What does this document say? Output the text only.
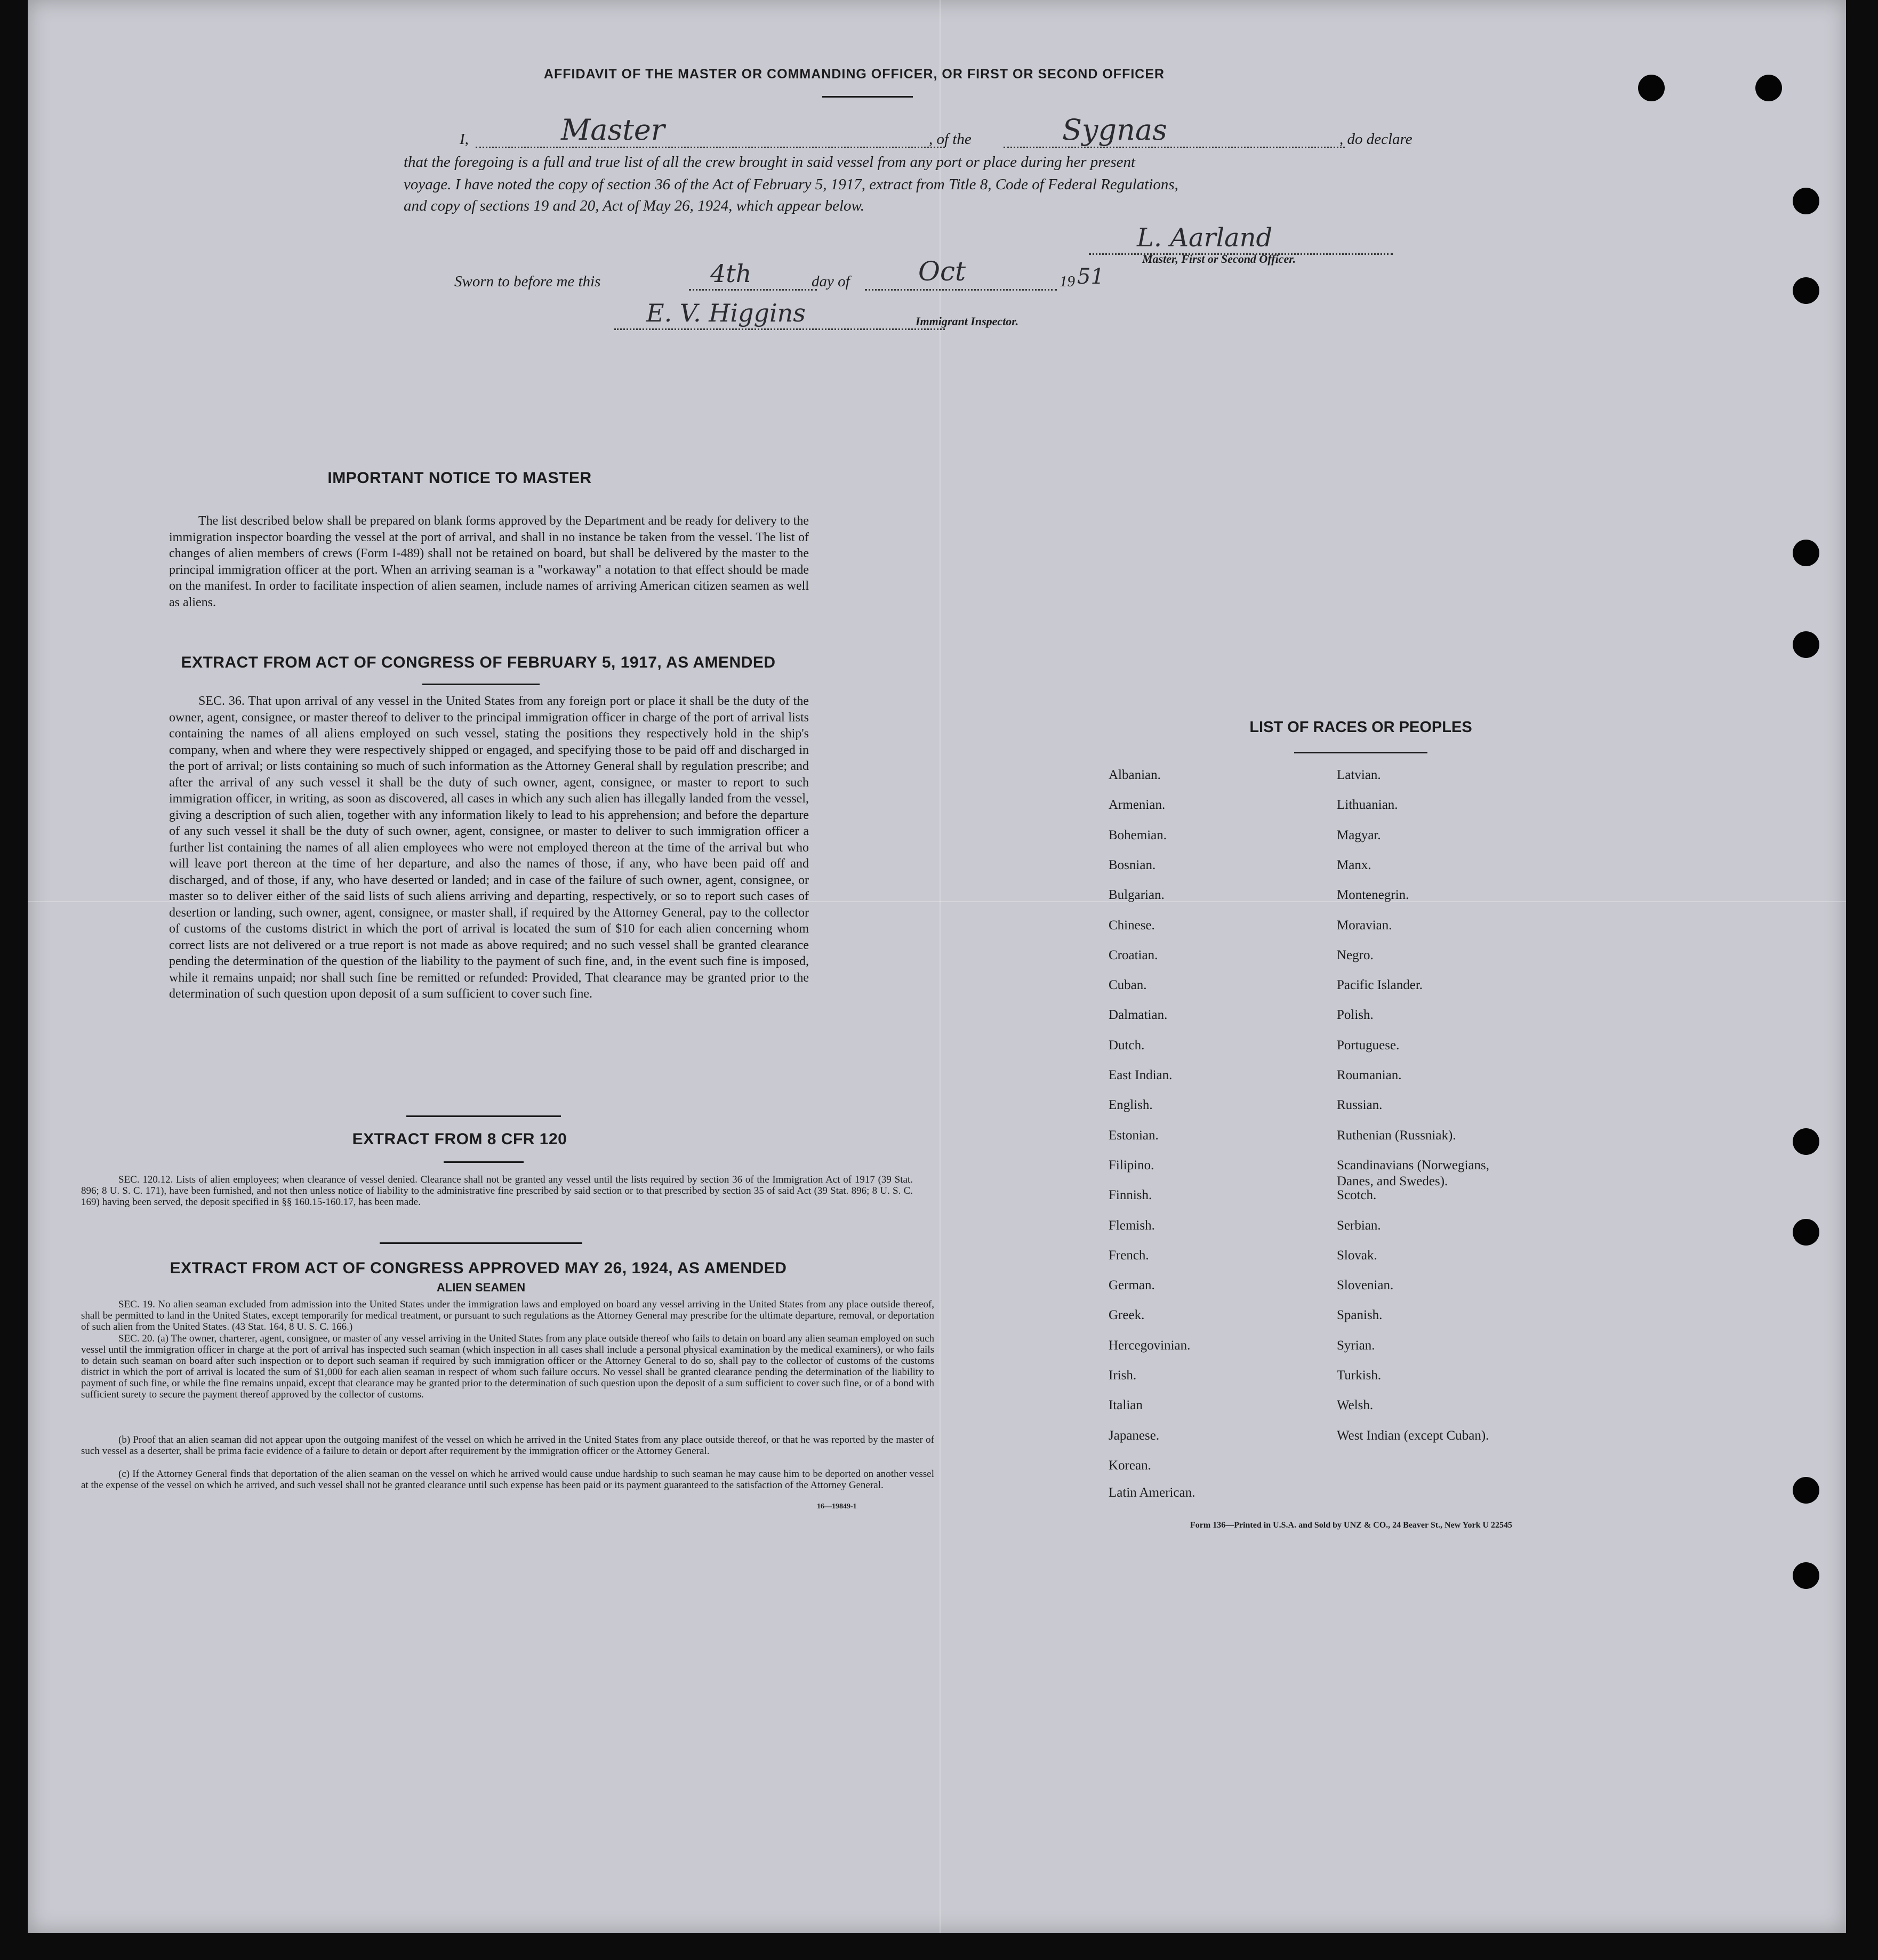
AFFIDAVIT OF THE MASTER OR COMMANDING OFFICER, OR FIRST OR SECOND OFFICER
I,	Master	, of the	Sygnas	, do declare
that the foregoing is a full and true list of all the crew brought in said vessel from any port or place during her present
voyage. I have noted the copy of section 36 of the Act of February 5, 1917, extract from Title 8, Code of Federal Regulations,
and copy of sections 19 and 20, Act of May 26, 1924, which appear below.
L. Aarland
Master, First or Second Officer.
Sworn to before me this	4th	day of	Oct	19 51
E. V. Higgins	Immigrant Inspector.
IMPORTANT NOTICE TO MASTER
The list described below shall be prepared on blank forms approved by the Department and be ready for delivery to the immigration inspector boarding the vessel at the port of arrival, and shall in no instance be taken from the vessel. The list of changes of alien members of crews (Form I-489) shall not be retained on board, but shall be delivered by the master to the principal immigration officer at the port. When an arriving seaman is a "workaway" a notation to that effect should be made on the manifest. In order to facilitate inspection of alien seamen, include names of arriving American citizen seamen as well as aliens.
EXTRACT FROM ACT OF CONGRESS OF FEBRUARY 5, 1917, AS AMENDED
SEC. 36. That upon arrival of any vessel in the United States from any foreign port or place it shall be the duty of the owner, agent, consignee, or master thereof to deliver to the principal immigration officer in charge of the port of arrival lists containing the names of all aliens employed on such vessel, stating the positions they respectively hold in the ship's company, when and where they were respectively shipped or engaged, and specifying those to be paid off and discharged in the port of arrival; or lists containing so much of such information as the Attorney General shall by regulation prescribe; and after the arrival of any such vessel it shall be the duty of such owner, agent, consignee, or master to report to such immigration officer, in writing, as soon as discovered, all cases in which any such alien has illegally landed from the vessel, giving a description of such alien, together with any information likely to lead to his apprehension; and before the departure of any such vessel it shall be the duty of such owner, agent, consignee, or master to deliver to such immigration officer a further list containing the names of all alien employees who were not employed thereon at the time of the arrival but who will leave port thereon at the time of her departure, and also the names of those, if any, who have been paid off and discharged, and of those, if any, who have deserted or landed; and in case of the failure of such owner, agent, consignee, or master so to deliver either of the said lists of such aliens arriving and departing, respectively, or so to report such cases of desertion or landing, such owner, agent, consignee, or master shall, if required by the Attorney General, pay to the collector of customs of the customs district in which the port of arrival is located the sum of $10 for each alien concerning whom correct lists are not delivered or a true report is not made as above required; and no such vessel shall be granted clearance pending the determination of the question of the liability to the payment of such fine, and, in the event such fine is imposed, while it remains unpaid; nor shall such fine be remitted or refunded: Provided, That clearance may be granted prior to the determination of such question upon deposit of a sum sufficient to cover such fine.
EXTRACT FROM 8 CFR 120
SEC. 120.12. Lists of alien employees; when clearance of vessel denied. Clearance shall not be granted any vessel until the lists required by section 36 of the Immigration Act of 1917 (39 Stat. 896; 8 U. S. C. 171), have been furnished, and not then unless notice of liability to the administrative fine prescribed by said section or to that prescribed by section 35 of said Act (39 Stat. 896; 8 U. S. C. 169) having been served, the deposit specified in §§ 160.15-160.17, has been made.
EXTRACT FROM ACT OF CONGRESS APPROVED MAY 26, 1924, AS AMENDED
ALIEN SEAMEN
SEC. 19. No alien seaman excluded from admission into the United States under the immigration laws and employed on board any vessel arriving in the United States from any place outside thereof, shall be permitted to land in the United States, except temporarily for medical treatment, or pursuant to such regulations as the Attorney General may prescribe for the ultimate departure, removal, or deportation of such alien from the United States. (43 Stat. 164, 8 U. S. C. 166.)
SEC. 20. (a) The owner, charterer, agent, consignee, or master of any vessel arriving in the United States from any place outside thereof who fails to detain on board any alien seaman employed on such vessel until the immigration officer in charge at the port of arrival has inspected such seaman (which inspection in all cases shall include a personal physical examination by the medical examiners), or who fails to detain such seaman on board after such inspection or to deport such seaman if required by such immigration officer or the Attorney General to do so, shall pay to the collector of customs of the customs district in which the port of arrival is located the sum of $1,000 for each alien seaman in respect of whom such failure occurs. No vessel shall be granted clearance pending the determination of the liability to payment of such fine, or while the fine remains unpaid, except that clearance may be granted prior to the determination of such question upon the deposit of a sum sufficient to cover such fine, or of a bond with sufficient surety to secure the payment thereof approved by the collector of customs.
(b) Proof that an alien seaman did not appear upon the outgoing manifest of the vessel on which he arrived in the United States from any place outside thereof, or that he was reported by the master of such vessel as a deserter, shall be prima facie evidence of a failure to detain or deport after requirement by the immigration officer or the Attorney General.
(c) If the Attorney General finds that deportation of the alien seaman on the vessel on which he arrived would cause undue hardship to such seaman he may cause him to be deported on another vessel at the expense of the vessel on which he arrived, and such vessel shall not be granted clearance until such expense has been paid or its payment guaranteed to the satisfaction of the Attorney General.
16—19849-1
LIST OF RACES OR PEOPLES
Form 136—Printed in U.S.A. and Sold by UNZ & CO., 24 Beaver St., New York U 22545
Albanian.
Armenian.
Bohemian.
Bosnian.
Bulgarian.
Chinese.
Croatian.
Cuban.
Dalmatian.
Dutch.
East Indian.
English.
Estonian.
Filipino.
Finnish.
Flemish.
French.
German.
Greek.
Hercegovinian.
Irish.
Italian
Japanese.
Korean.
Latin American.
Latvian.
Lithuanian.
Magyar.
Manx.
Montenegrin.
Moravian.
Negro.
Pacific Islander.
Polish.
Portuguese.
Roumanian.
Russian.
Ruthenian (Russniak).
Scandinavians (Norwegians,
Danes, and Swedes).
Scotch.
Serbian.
Slovak.
Slovenian.
Spanish.
Syrian.
Turkish.
Welsh.
West Indian (except Cuban).
